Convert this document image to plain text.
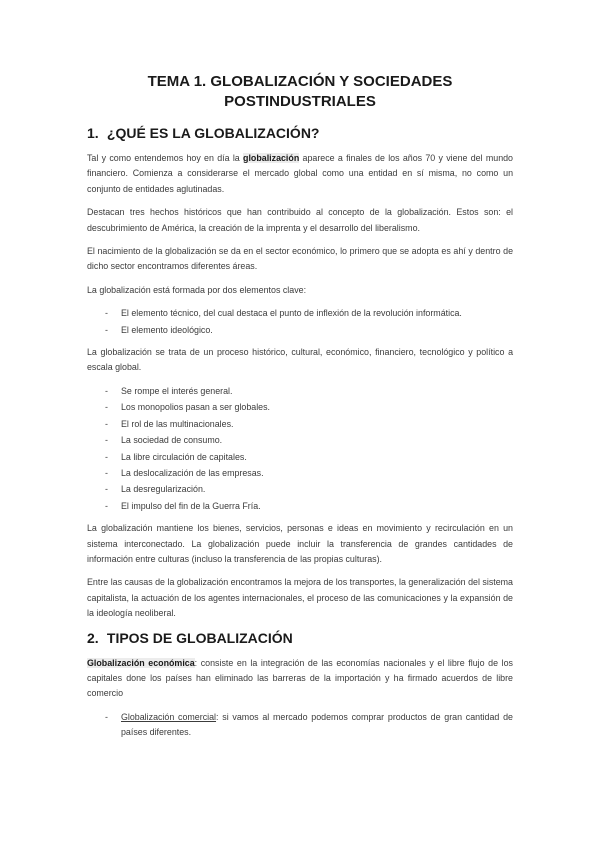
TEMA 1. GLOBALIZACIÓN Y SOCIEDADES
POSTINDUSTRIALES
1. ¿QUÉ ES LA GLOBALIZACIÓN?

Tal y como entendemos hoy en día la globalización aparece a finales de los años 70 y viene del mundo financiero. Comienza a considerarse el mercado global como una entidad en sí misma, no como un conjunto de entidades aglutinadas.

Destacan tres hechos históricos que han contribuido al concepto de la globalización. Estos son: el descubrimiento de América, la creación de la imprenta y el desarrollo del liberalismo.

El nacimiento de la globalización se da en el sector económico, lo primero que se adopta es ahí y dentro de dicho sector encontramos diferentes áreas.

La globalización está formada por dos elementos clave:

- El elemento técnico, del cual destaca el punto de inflexión de la revolución informática.
- El elemento ideológico.

La globalización se trata de un proceso histórico, cultural, económico, financiero, tecnológico y político a escala global.

- Se rompe el interés general.
- Los monopolios pasan a ser globales.
- El rol de las multinacionales.
- La sociedad de consumo.
- La libre circulación de capitales.
- La deslocalización de las empresas.
- La desregularización.
- El impulso del fin de la Guerra Fría.

La globalización mantiene los bienes, servicios, personas e ideas en movimiento y recirculación en un sistema interconectado. La globalización puede incluir la transferencia de grandes cantidades de información entre culturas (incluso la transferencia de las propias culturas).

Entre las causas de la globalización encontramos la mejora de los transportes, la generalización del sistema capitalista, la actuación de los agentes internacionales, el proceso de las comunicaciones y la expansión de la ideología neoliberal.

2. TIPOS DE GLOBALIZACIÓN

Globalización económica: consiste en la integración de las economías nacionales y el libre flujo de los capitales done los países han eliminado las barreras de la importación y ha firmado acuerdos de libre comercio

- Globalización comercial: si vamos al mercado podemos comprar productos de gran cantidad de países diferentes.
